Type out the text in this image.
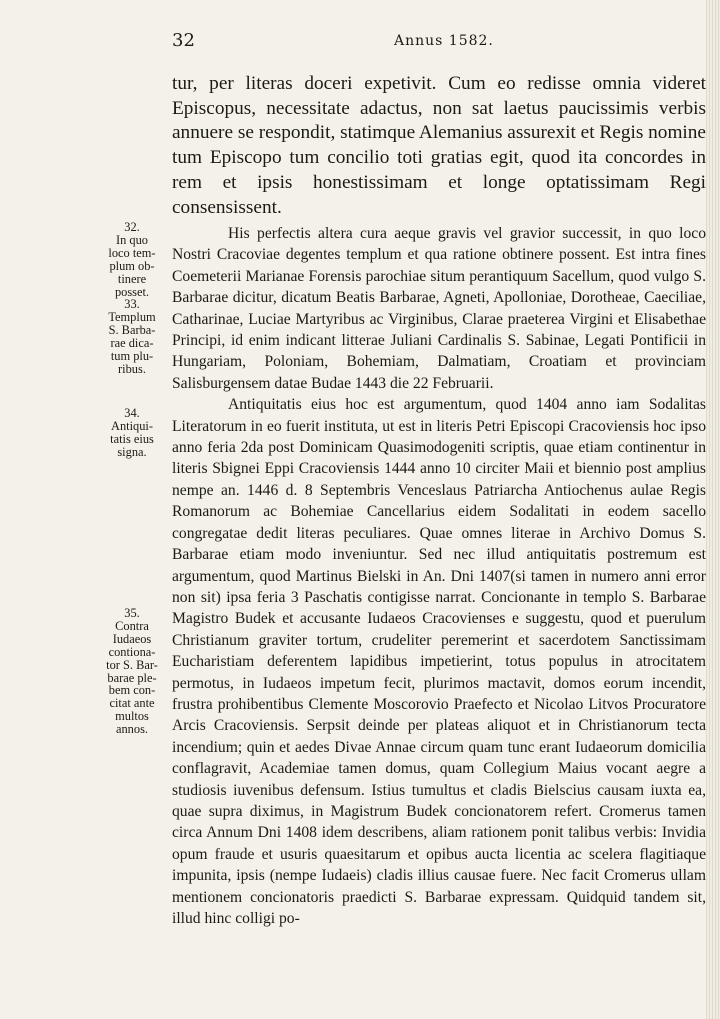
32	Annus 1582.

tur, per literas doceri expetivit. Cum eo redisse omnia videret Episcopus, necessitate adactus, non sat laetus paucissimis verbis annuere se respondit, statimque Alemanius assurexit et Regis nomine tum Episcopo tum concilio toti gratias egit, quod ita concordes in rem et ipsis honestissimam et longe optatissimam Regi consensissent.

32.
In quo
loco tem-
plum ob-
tinere
posset.
33.
Templum
S. Barba-
rae dica-
tum plu-
ribus.
34.
Antiqui-
tatis eius
signa.
35.
Contra
Iudaeos
contiona-
tor S. Bar-
barae ple-
bem con-
citat ante
multos
annos.

His perfectis altera cura aeque gravis vel gravior successit, in quo loco Nostri Cracoviae degentes templum et qua ratione obtinere possent. Est intra fines Coemeterii Marianae Forensis parochiae situm perantiquum Sacellum, quod vulgo S. Barbarae dicitur, dicatum Beatis Barbarae, Agneti, Apolloniae, Dorotheae, Caeciliae, Catharinae, Luciae Martyribus ac Virginibus, Clarae praeterea Virgini et Elisabethae Principi, id enim indicant litterae Juliani Cardinalis S. Sabinae, Legati Pontificii in Hungariam, Poloniam, Bohemiam, Dalmatiam, Croatiam et provinciam Salisburgensem datae Budae 1443 die 22 Februarii.

Antiquitatis eius hoc est argumentum, quod 1404 anno iam Sodalitas Literatorum in eo fuerit instituta, ut est in literis Petri Episcopi Cracoviensis hoc ipso anno feria 2da post Dominicam Quasimodogeniti scriptis, quae etiam continentur in literis Sbignei Eppi Cracoviensis 1444 anno 10 circiter Maii et biennio post amplius nempe an. 1446 d. 8 Septembris Venceslaus Patriarcha Antiochenus aulae Regis Romanorum ac Bohemiae Cancellarius eidem Sodalitati in eodem sacello congregatae dedit literas peculiares. Quae omnes literae in Archivo Domus S. Barbarae etiam modo inveniuntur. Sed nec illud antiquitatis postremum est argumentum, quod Martinus Bielski in An. Dni 1407(si tamen in numero anni error non sit) ipsa feria 3 Paschatis contigisse narrat. Concionante in templo S. Barbarae Magistro Budek et accusante Iudaeos Cracovienses e suggestu, quod et puerulum Christianum graviter tortum, crudeliter peremerint et sacerdotem Sanctissimam Eucharistiam deferentem lapidibus impetierint, totus populus in atrocitatem permotus, in Iudaeos impetum fecit, plurimos mactavit, domos eorum incendit, frustra prohibentibus Clemente Moscorovio Praefecto et Nicolao Litvos Procuratore Arcis Cracoviensis. Serpsit deinde per plateas aliquot et in Christianorum tecta incendium; quin et aedes Divae Annae circum quam tunc erant Iudaeorum domicilia conflagravit, Academiae tamen domus, quam Collegium Maius vocant aegre a studiosis iuvenibus defensum. Istius tumultus et cladis Bielscius causam iuxta ea, quae supra diximus, in Magistrum Budek concionatorem refert. Cromerus tamen circa Annum Dni 1408 idem describens, aliam rationem ponit talibus verbis: Invidia opum fraude et usuris quaesitarum et opibus aucta licentia ac scelera flagitiaque impunita, ipsis (nempe Iudaeis) cladis illius causae fuere. Nec facit Cromerus ullam mentionem concionatoris praedicti S. Barbarae expressam. Quidquid tandem sit, illud hinc colligi po-
